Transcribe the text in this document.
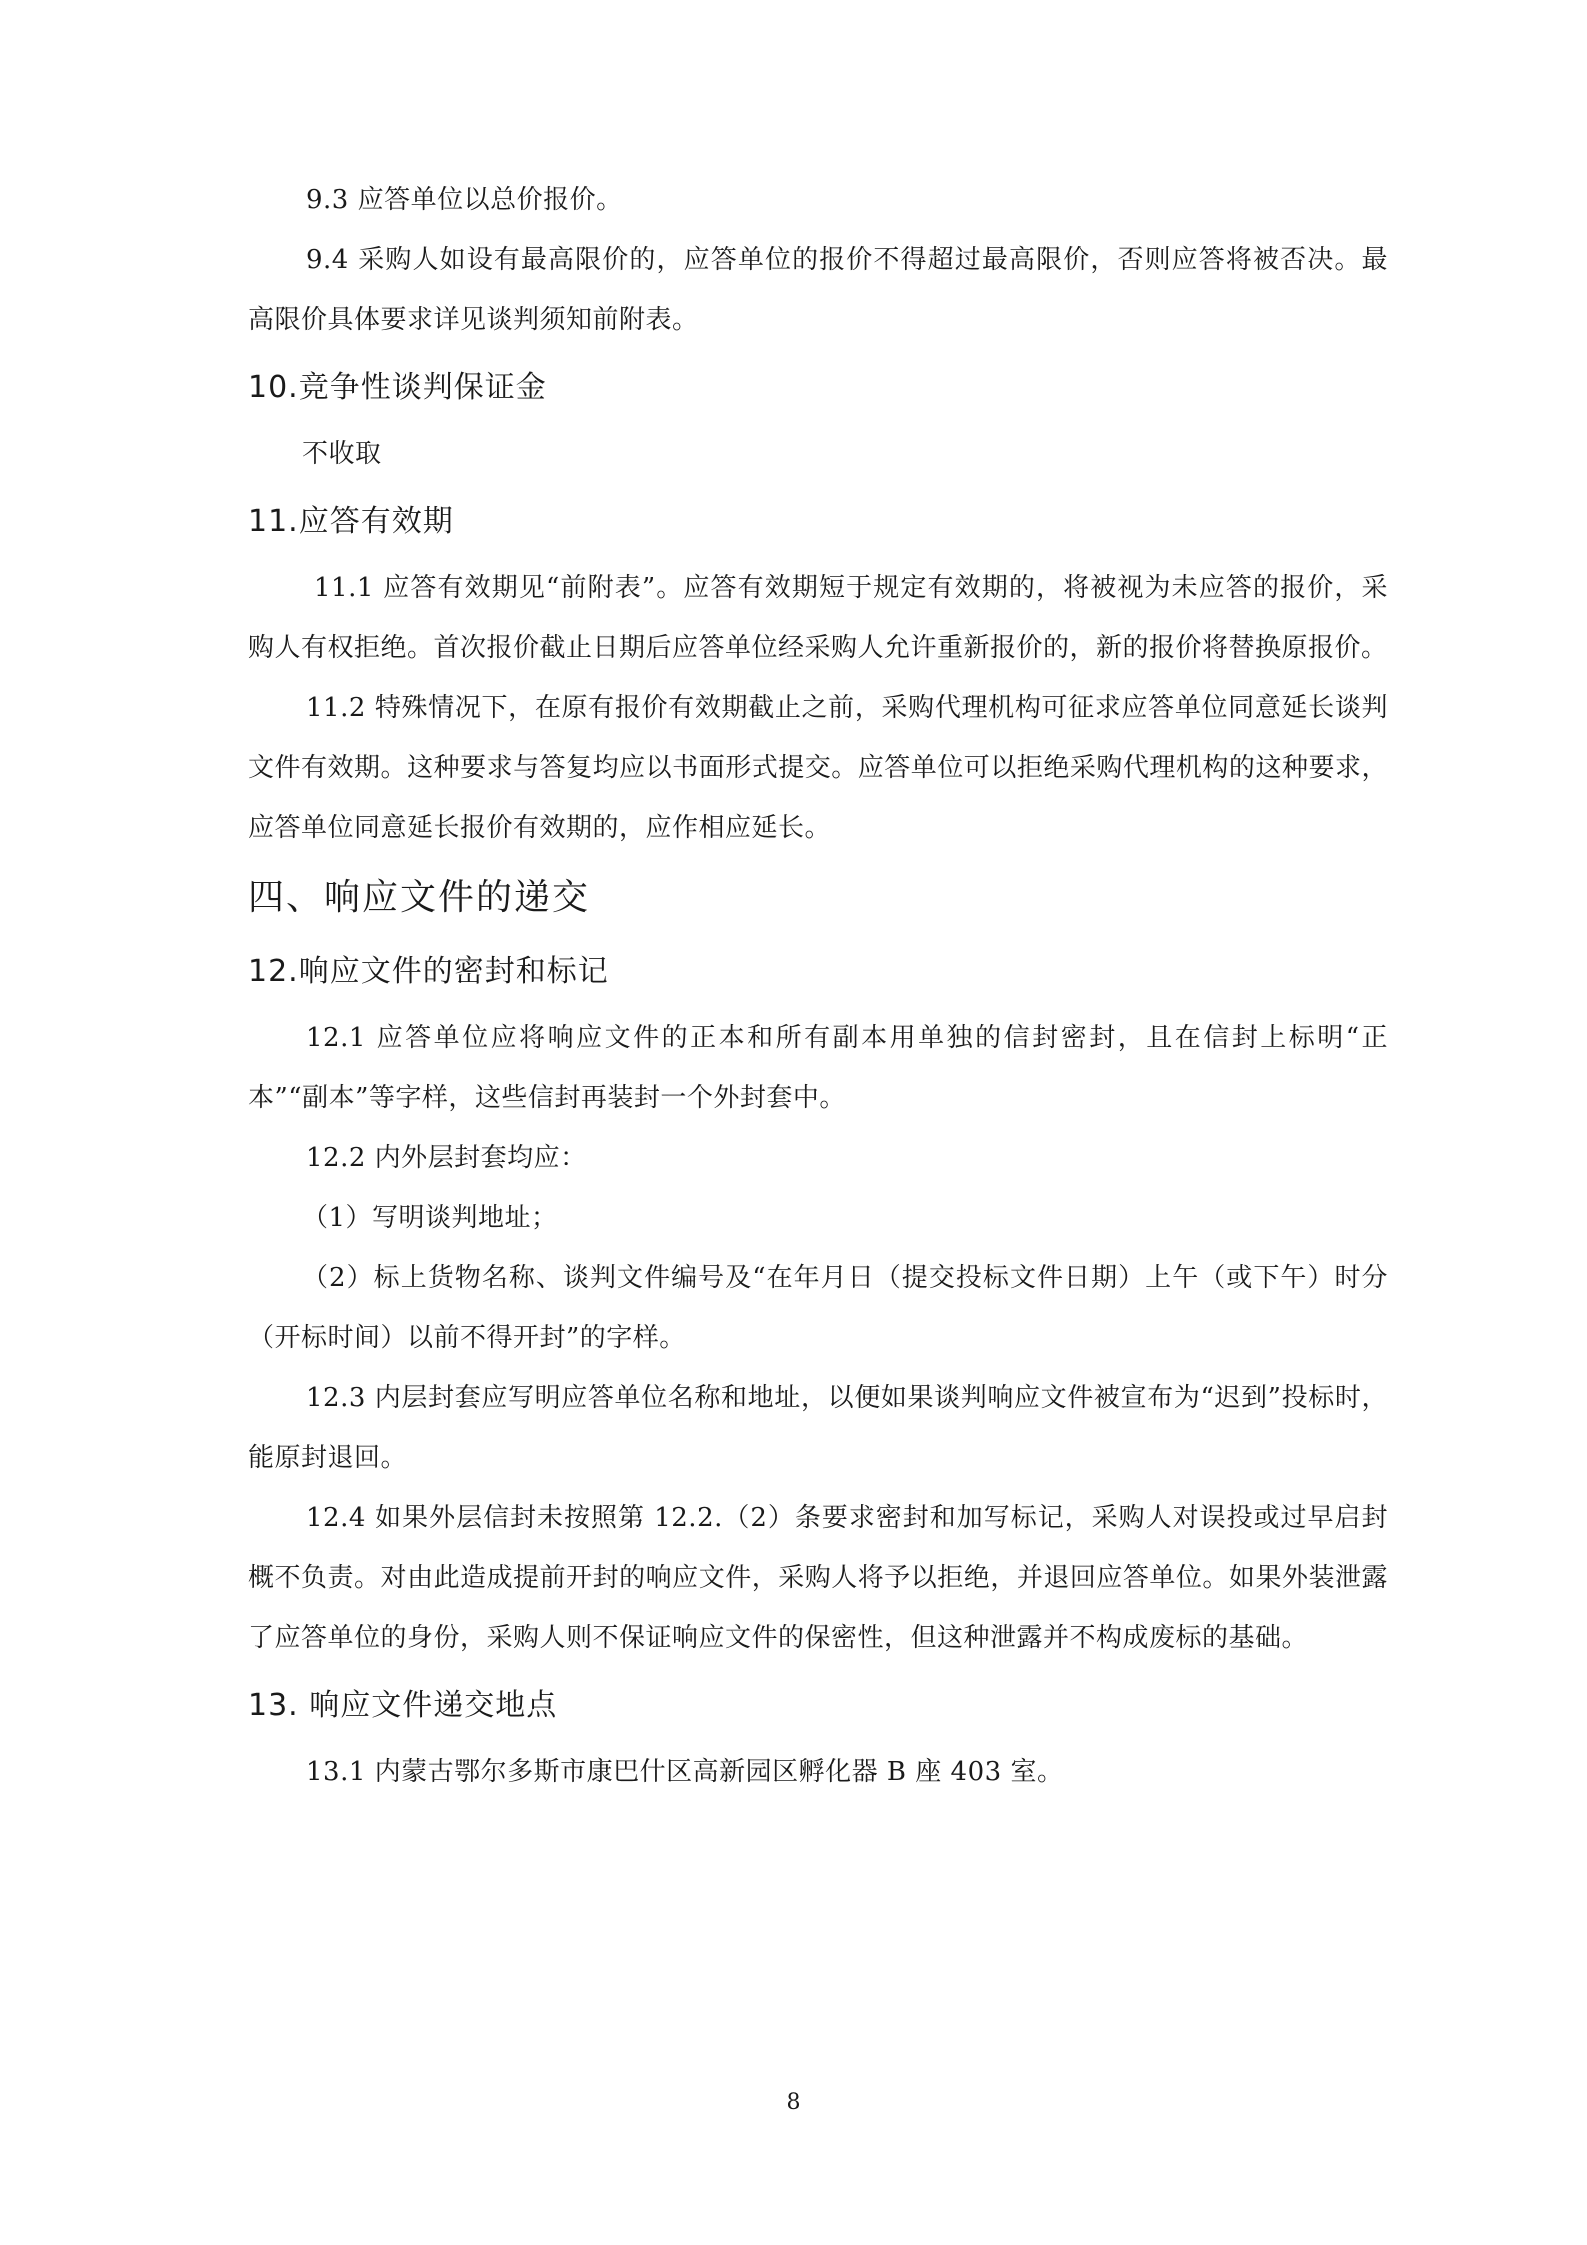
9.3 应答单位以总价报价。

9.4 采购人如设有最高限价的，应答单位的报价不得超过最高限价，否则应答将被否决。最高限价具体要求详见谈判须知前附表。

10.竞争性谈判保证金

不收取

11.应答有效期

11.1 应答有效期见“前附表”。应答有效期短于规定有效期的，将被视为未应答的报价，采购人有权拒绝。首次报价截止日期后应答单位经采购人允许重新报价的，新的报价将替换原报价。

11.2 特殊情况下，在原有报价有效期截止之前，采购代理机构可征求应答单位同意延长谈判文件有效期。这种要求与答复均应以书面形式提交。应答单位可以拒绝采购代理机构的这种要求，应答单位同意延长报价有效期的，应作相应延长。

四、响应文件的递交
12.响应文件的密封和标记

12.1 应答单位应将响应文件的正本和所有副本用单独的信封密封，且在信封上标明“正本”“副本”等字样，这些信封再装封一个外封套中。

12.2 内外层封套均应：

（1）写明谈判地址；

（2）标上货物名称、谈判文件编号及“在年月日（提交投标文件日期）上午（或下午）时分（开标时间）以前不得开封”的字样。

12.3 内层封套应写明应答单位名称和地址，以便如果谈判响应文件被宣布为“迟到”投标时，能原封退回。

12.4 如果外层信封未按照第 12.2.（2）条要求密封和加写标记，采购人对误投或过早启封概不负责。对由此造成提前开封的响应文件，采购人将予以拒绝，并退回应答单位。如果外装泄露了应答单位的身份，采购人则不保证响应文件的保密性，但这种泄露并不构成废标的基础。

13. 响应文件递交地点

13.1 内蒙古鄂尔多斯市康巴什区高新园区孵化器 B 座 403 室。

8
